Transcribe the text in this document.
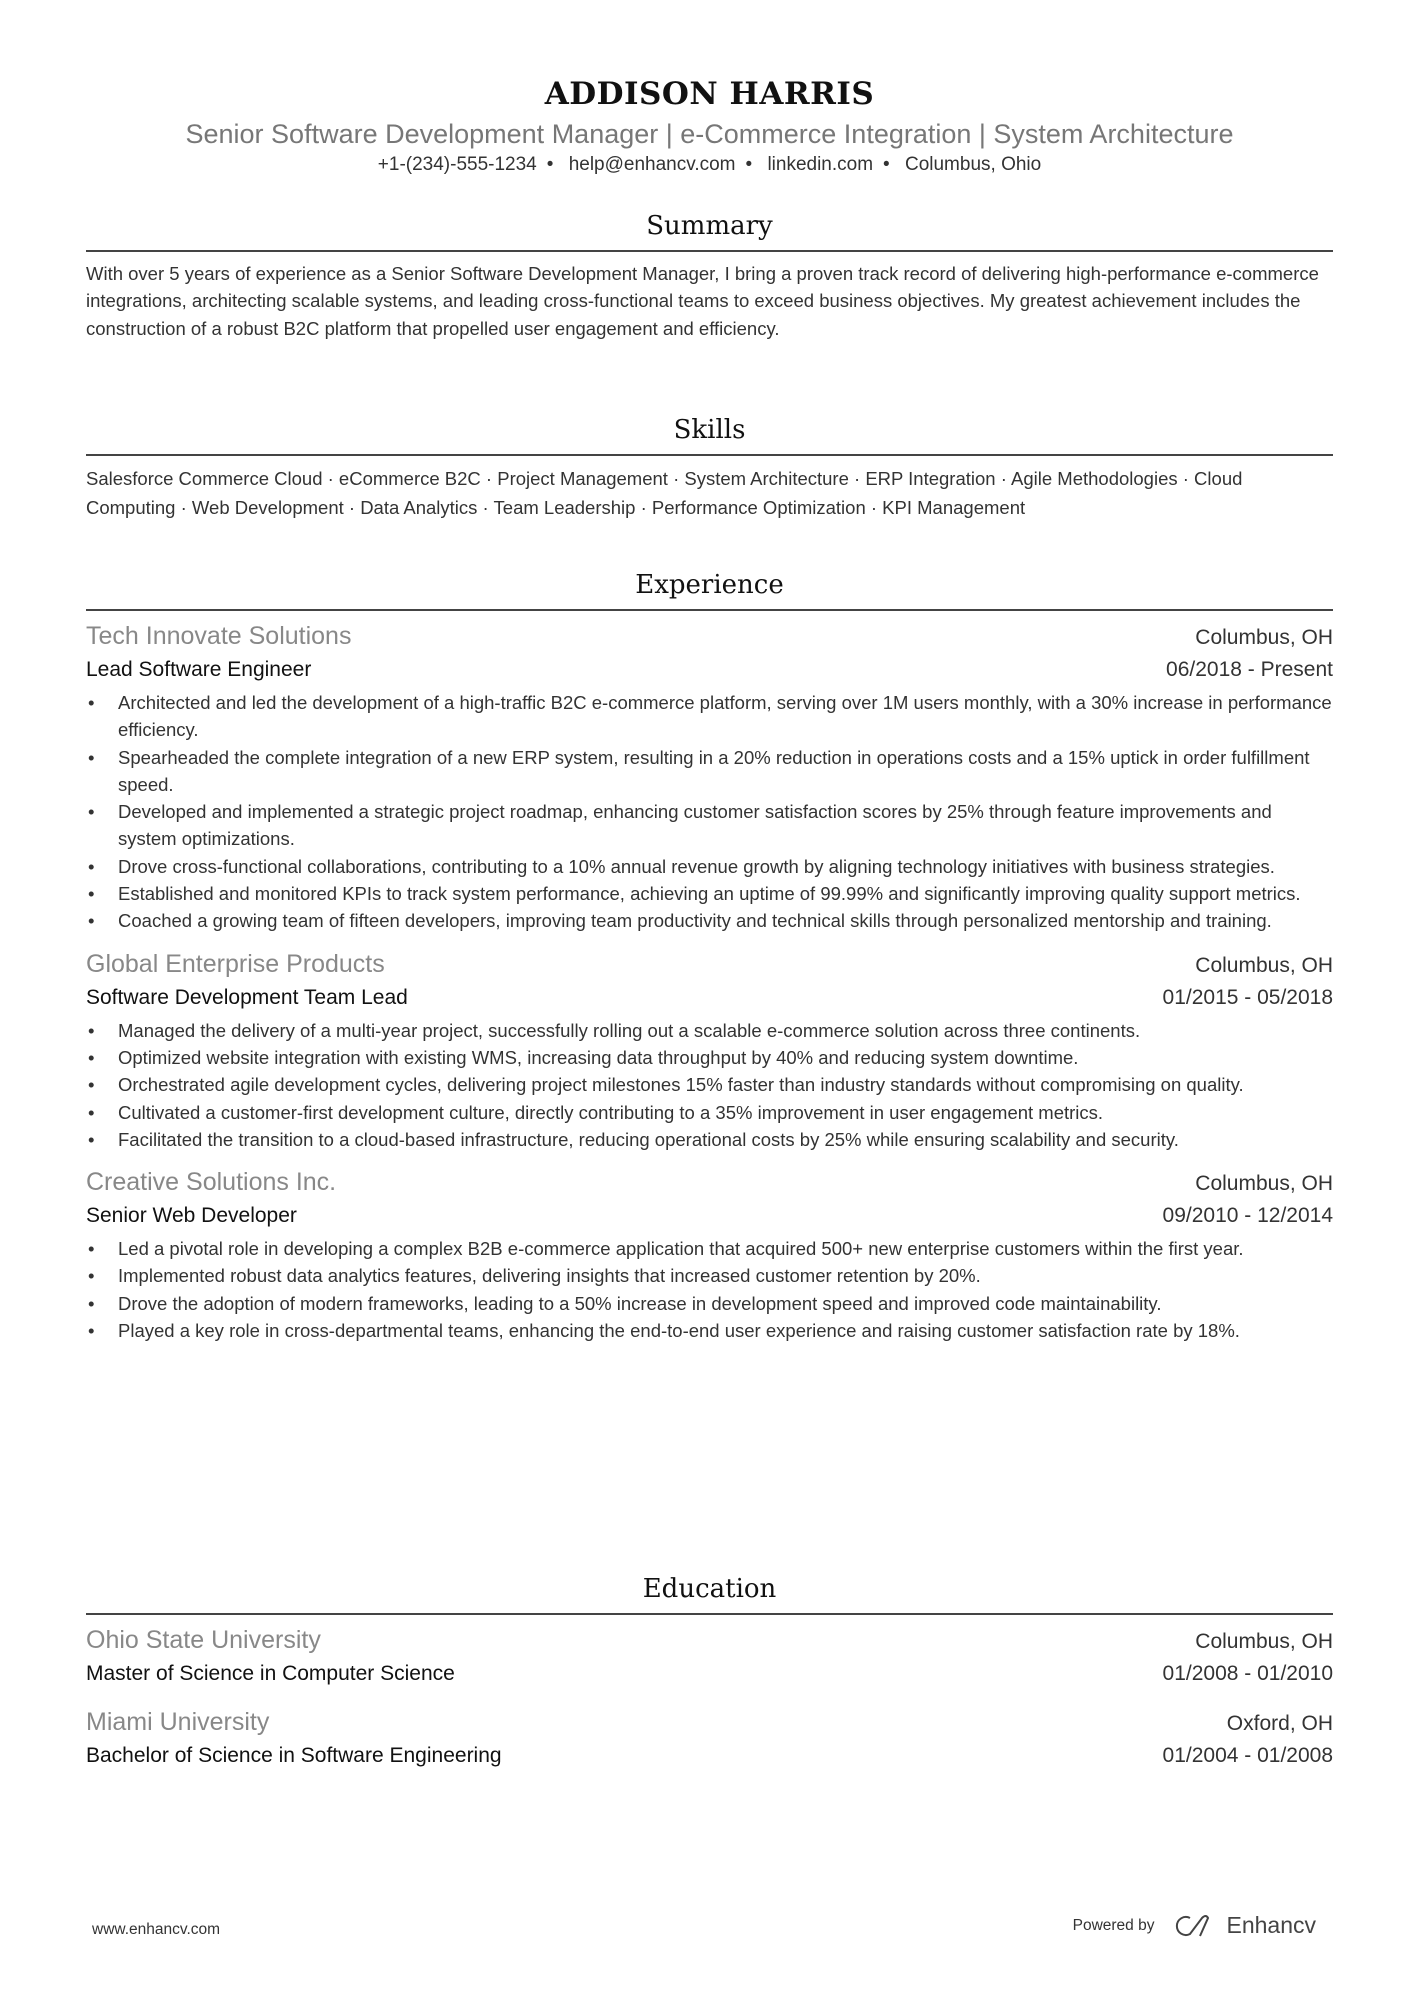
ADDISON HARRIS
Senior Software Development Manager | e-Commerce Integration | System Architecture
+1-(234)-555-1234 • help@enhancv.com • linkedin.com • Columbus, Ohio
Summary
With over 5 years of experience as a Senior Software Development Manager, I bring a proven track record of delivering high-performance e-commerce integrations, architecting scalable systems, and leading cross-functional teams to exceed business objectives. My greatest achievement includes the construction of a robust B2C platform that propelled user engagement and efficiency.
Skills
Salesforce Commerce Cloud · eCommerce B2C · Project Management · System Architecture · ERP Integration · Agile Methodologies · Cloud Computing · Web Development · Data Analytics · Team Leadership · Performance Optimization · KPI Management
Experience
Tech Innovate Solutions	Columbus, OH
Lead Software Engineer	06/2018 - Present
• Architected and led the development of a high-traffic B2C e-commerce platform, serving over 1M users monthly, with a 30% increase in performance efficiency.
• Spearheaded the complete integration of a new ERP system, resulting in a 20% reduction in operations costs and a 15% uptick in order fulfillment speed.
• Developed and implemented a strategic project roadmap, enhancing customer satisfaction scores by 25% through feature improvements and system optimizations.
• Drove cross-functional collaborations, contributing to a 10% annual revenue growth by aligning technology initiatives with business strategies.
• Established and monitored KPIs to track system performance, achieving an uptime of 99.99% and significantly improving quality support metrics.
• Coached a growing team of fifteen developers, improving team productivity and technical skills through personalized mentorship and training.
Global Enterprise Products	Columbus, OH
Software Development Team Lead	01/2015 - 05/2018
• Managed the delivery of a multi-year project, successfully rolling out a scalable e-commerce solution across three continents.
• Optimized website integration with existing WMS, increasing data throughput by 40% and reducing system downtime.
• Orchestrated agile development cycles, delivering project milestones 15% faster than industry standards without compromising on quality.
• Cultivated a customer-first development culture, directly contributing to a 35% improvement in user engagement metrics.
• Facilitated the transition to a cloud-based infrastructure, reducing operational costs by 25% while ensuring scalability and security.
Creative Solutions Inc.	Columbus, OH
Senior Web Developer	09/2010 - 12/2014
• Led a pivotal role in developing a complex B2B e-commerce application that acquired 500+ new enterprise customers within the first year.
• Implemented robust data analytics features, delivering insights that increased customer retention by 20%.
• Drove the adoption of modern frameworks, leading to a 50% increase in development speed and improved code maintainability.
• Played a key role in cross-departmental teams, enhancing the end-to-end user experience and raising customer satisfaction rate by 18%.
Education
Ohio State University	Columbus, OH
Master of Science in Computer Science	01/2008 - 01/2010
Miami University	Oxford, OH
Bachelor of Science in Software Engineering	01/2004 - 01/2008
www.enhancv.com	Powered by	Enhancv
